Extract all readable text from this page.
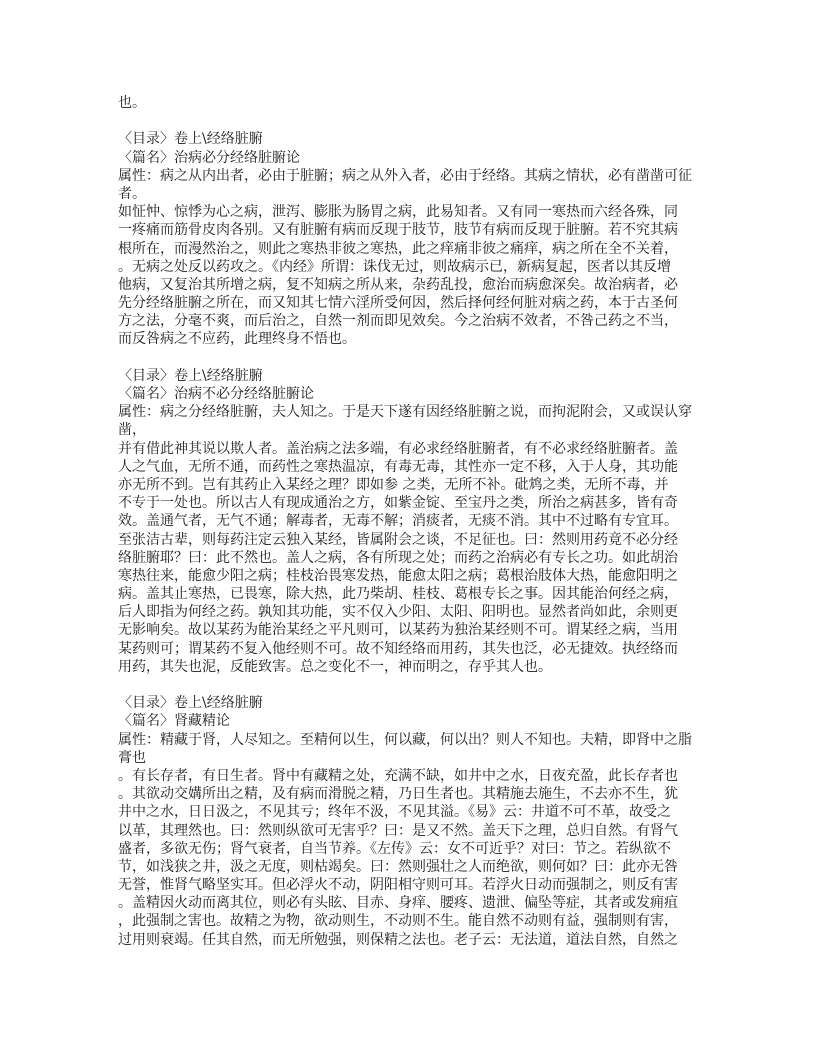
也。
〈目录〉卷上\经络脏腑
〈篇名〉治病必分经络脏腑论
属性：病之从内出者，必由于脏腑；病之从外入者，必由于经络。其病之情状，必有凿凿可征
者。
如怔忡、惊悸为心之病，泄泻、膨胀为肠胃之病，此易知者。又有同一寒热而六经各殊，同
一疼痛而筋骨皮肉各别。又有脏腑有病而反现于肢节，肢节有病而反现于脏腑。若不究其病
根所在，而漫然治之，则此之寒热非彼之寒热，此之痒痛非彼之痛痒，病之所在全不关着，
。无病之处反以药攻之。《内经》所谓：诛伐无过，则故病示已，新病复起，医者以其反增
他病，又复治其所增之病，复不知病之所从来，杂药乱投，愈治而病愈深矣。故治病者，必
先分经络脏腑之所在，而又知其七情六淫所受何因，然后择何经何脏对病之药，本于古圣何
方之法，分毫不爽，而后治之，自然一剂而即见效矣。今之治病不效者，不咎己药之不当，
而反咎病之不应药，此理终身不悟也。
〈目录〉卷上\经络脏腑
〈篇名〉治病不必分经络脏腑论
属性：病之分经络脏腑，夫人知之。于是天下遂有因经络脏腑之说，而拘泥附会，又或误认穿
凿，
并有借此神其说以欺人者。盖治病之法多端，有必求经络脏腑者，有不必求经络脏腑者。盖
人之气血，无所不通，而药性之寒热温凉，有毒无毒，其性亦一定不移，入于人身，其功能
亦无所不到。岂有其药止入某经之理？即如参 之类，无所不补。砒鸩之类，无所不毒，并
不专于一处也。所以古人有现成通治之方，如紫金锭、至宝丹之类，所治之病甚多，皆有奇
效。盖通气者，无气不通；解毒者，无毒不解；消痰者，无痰不消。其中不过略有专宜耳。
至张洁古辈，则每药注定云独入某经，皆属附会之谈，不足征也。曰：然则用药竟不必分经
络脏腑耶？曰：此不然也。盖人之病，各有所现之处；而药之治病必有专长之功。如此胡治
寒热往来，能愈少阳之病；桂枝治畏寒发热，能愈太阳之病；葛根治肢体大热，能愈阳明之
病。盖其止寒热，已畏寒，除大热，此乃柴胡、桂枝、葛根专长之事。因其能治何经之病，
后人即指为何经之药。孰知其功能，实不仅入少阳、太阳、阳明也。显然者尚如此，余则更
无影响矣。故以某药为能治某经之平凡则可，以某药为独治某经则不可。谓某经之病，当用
某药则可；谓某药不复入他经则不可。故不知经络而用药，其失也泛，必无捷效。执经络而
用药，其失也泥，反能致害。总之变化不一，神而明之，存乎其人也。
〈目录〉卷上\经络脏腑
〈篇名〉肾藏精论
属性：精藏于肾，人尽知之。至精何以生，何以藏，何以出？则人不知也。夫精，即肾中之脂
膏也
。有长存者，有日生者。肾中有藏精之处，充满不缺，如井中之水，日夜充盈，此长存者也
。其欲动交媾所出之精，及有病而滑脱之精，乃日生者也。其精施去施生，不去亦不生，犹
井中之水，日日汲之，不见其亏；终年不汲，不见其溢。《易》云：井道不可不革，故受之
以革，其理然也。曰：然则纵欲可无害乎？曰：是又不然。盖天下之理，总归自然。有肾气
盛者，多欲无伤；肾气衰者，自当节养。《左传》云：女不可近乎？对曰：节之。若纵欲不
节，如浅狭之井，汲之无度，则枯竭矣。曰：然则强壮之人而绝欲，则何如？曰：此亦无咎
无誉，惟肾气略坚实耳。但必浮火不动，阴阳相守则可耳。若浮火日动而强制之，则反有害
。盖精因火动而离其位，则必有头眩、目赤、身痒、腰疼、遗泄、偏坠等症，其者或发痈疽
，此强制之害也。故精之为物，欲动则生，不动则不生。能自然不动则有益，强制则有害，
过用则衰竭。任其自然，而无所勉强，则保精之法也。老子云：无法道，道法自然，自然之
